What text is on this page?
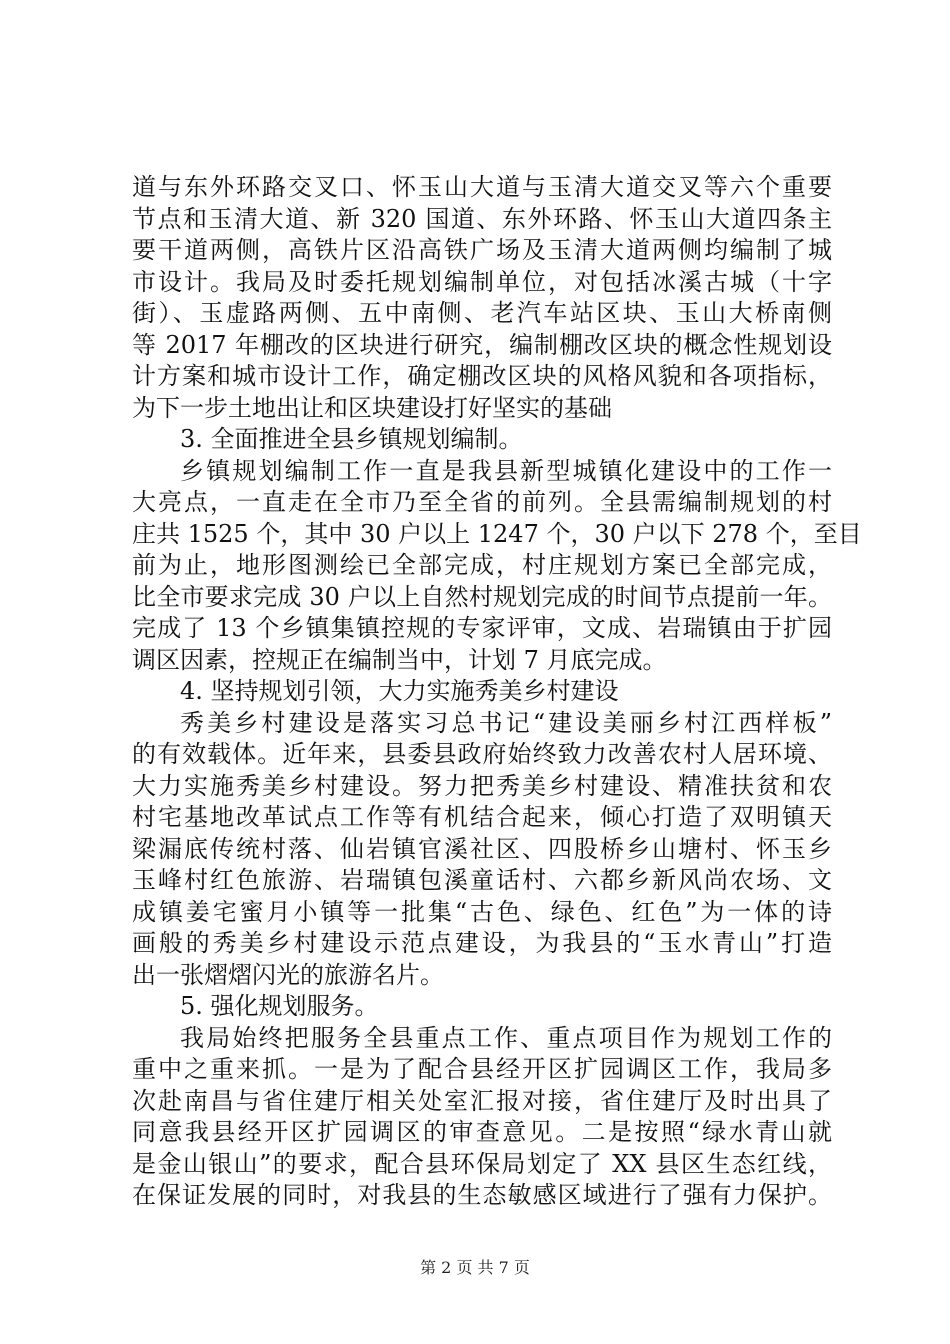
道与东外环路交叉口、怀玉山大道与玉清大道交叉等六个重要
节点和玉清大道、新 320 国道、东外环路、怀玉山大道四条主
要干道两侧，高铁片区沿高铁广场及玉清大道两侧均编制了城
市设计。我局及时委托规划编制单位，对包括冰溪古城（十字
街）、玉虚路两侧、五中南侧、老汽车站区块、玉山大桥南侧
等 2017 年棚改的区块进行研究，编制棚改区块的概念性规划设
计方案和城市设计工作，确定棚改区块的风格风貌和各项指标，
为下一步土地出让和区块建设打好坚实的基础
3. 全面推进全县乡镇规划编制。
乡镇规划编制工作一直是我县新型城镇化建设中的工作一
大亮点，一直走在全市乃至全省的前列。全县需编制规划的村
庄共 1525 个，其中 30 户以上 1247 个，30 户以下 278 个，至目
前为止，地形图测绘已全部完成，村庄规划方案已全部完成，
比全市要求完成 30 户以上自然村规划完成的时间节点提前一年。
完成了 13 个乡镇集镇控规的专家评审，文成、岩瑞镇由于扩园
调区因素，控规正在编制当中，计划 7 月底完成。
4. 坚持规划引领，大力实施秀美乡村建设
秀美乡村建设是落实习总书记“建设美丽乡村江西样板”
的有效载体。近年来，县委县政府始终致力改善农村人居环境、
大力实施秀美乡村建设。努力把秀美乡村建设、精准扶贫和农
村宅基地改革试点工作等有机结合起来，倾心打造了双明镇天
梁漏底传统村落、仙岩镇官溪社区、四股桥乡山塘村、怀玉乡
玉峰村红色旅游、岩瑞镇包溪童话村、六都乡新风尚农场、文
成镇姜宅蜜月小镇等一批集“古色、绿色、红色”为一体的诗
画般的秀美乡村建设示范点建设，为我县的“玉水青山”打造
出一张熠熠闪光的旅游名片。
5. 强化规划服务。
我局始终把服务全县重点工作、重点项目作为规划工作的
重中之重来抓。一是为了配合县经开区扩园调区工作，我局多
次赴南昌与省住建厅相关处室汇报对接，省住建厅及时出具了
同意我县经开区扩园调区的审查意见。二是按照“绿水青山就
是金山银山”的要求，配合县环保局划定了 XX 县区生态红线，
在保证发展的同时，对我县的生态敏感区域进行了强有力保护。
第 2 页 共 7 页
